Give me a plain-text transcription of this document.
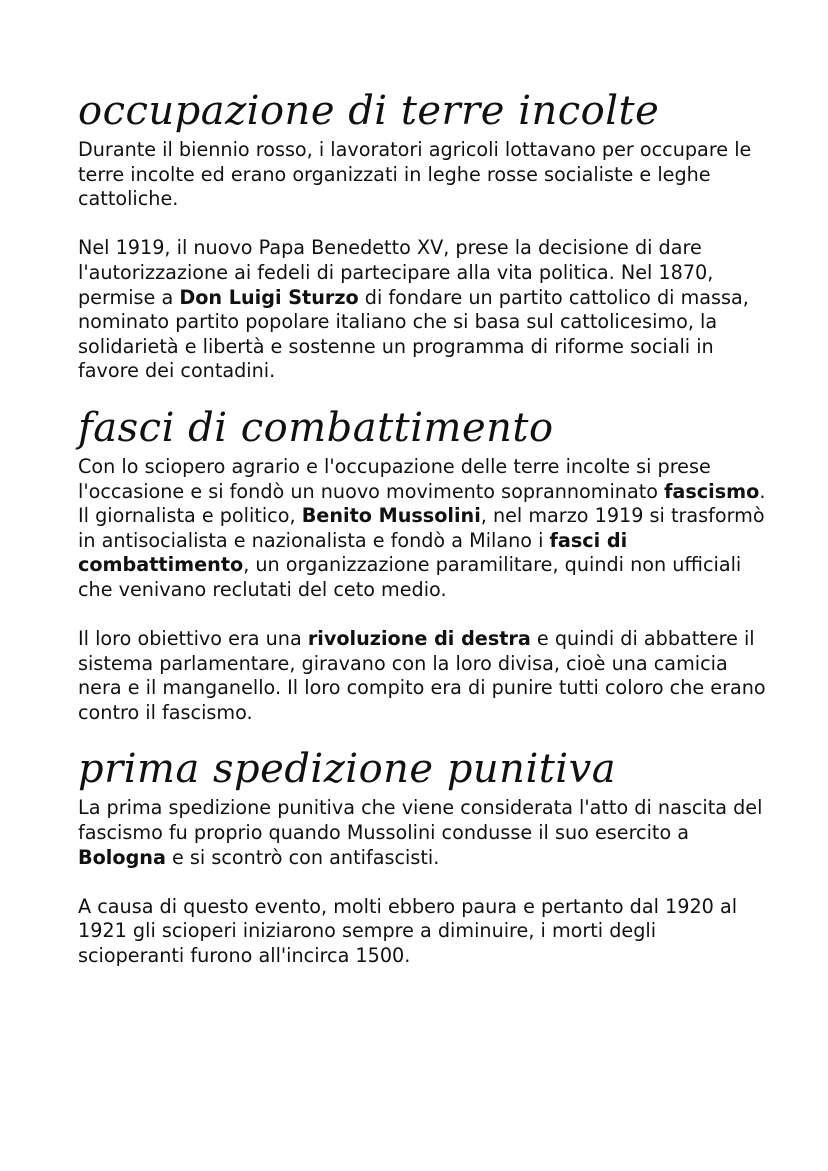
occupazione di terre incolte

Durante il biennio rosso, i lavoratori agricoli lottavano per occupare le terre incolte ed erano organizzati in leghe rosse socialiste e leghe cattoliche.

Nel 1919, il nuovo Papa Benedetto XV, prese la decisione di dare l'autorizzazione ai fedeli di partecipare alla vita politica. Nel 1870, permise a Don Luigi Sturzo di fondare un partito cattolico di massa, nominato partito popolare italiano che si basa sul cattolicesimo, la solidarietà e libertà e sostenne un programma di riforme sociali in favore dei contadini.

fasci di combattimento

Con lo sciopero agrario e l'occupazione delle terre incolte si prese l'occasione e si fondò un nuovo movimento soprannominato fascismo. Il giornalista e politico, Benito Mussolini, nel marzo 1919 si trasformò in antisocialista e nazionalista e fondò a Milano i fasci di combattimento, un organizzazione paramilitare, quindi non ufficiali che venivano reclutati del ceto medio.

Il loro obiettivo era una rivoluzione di destra e quindi di abbattere il sistema parlamentare, giravano con la loro divisa, cioè una camicia nera e il manganello. Il loro compito era di punire tutti coloro che erano contro il fascismo.

prima spedizione punitiva

La prima spedizione punitiva che viene considerata l'atto di nascita del fascismo fu proprio quando Mussolini condusse il suo esercito a Bologna e si scontrò con antifascisti.

A causa di questo evento, molti ebbero paura e pertanto dal 1920 al 1921 gli scioperi iniziarono sempre a diminuire, i morti degli scioperanti furono all'incirca 1500.
